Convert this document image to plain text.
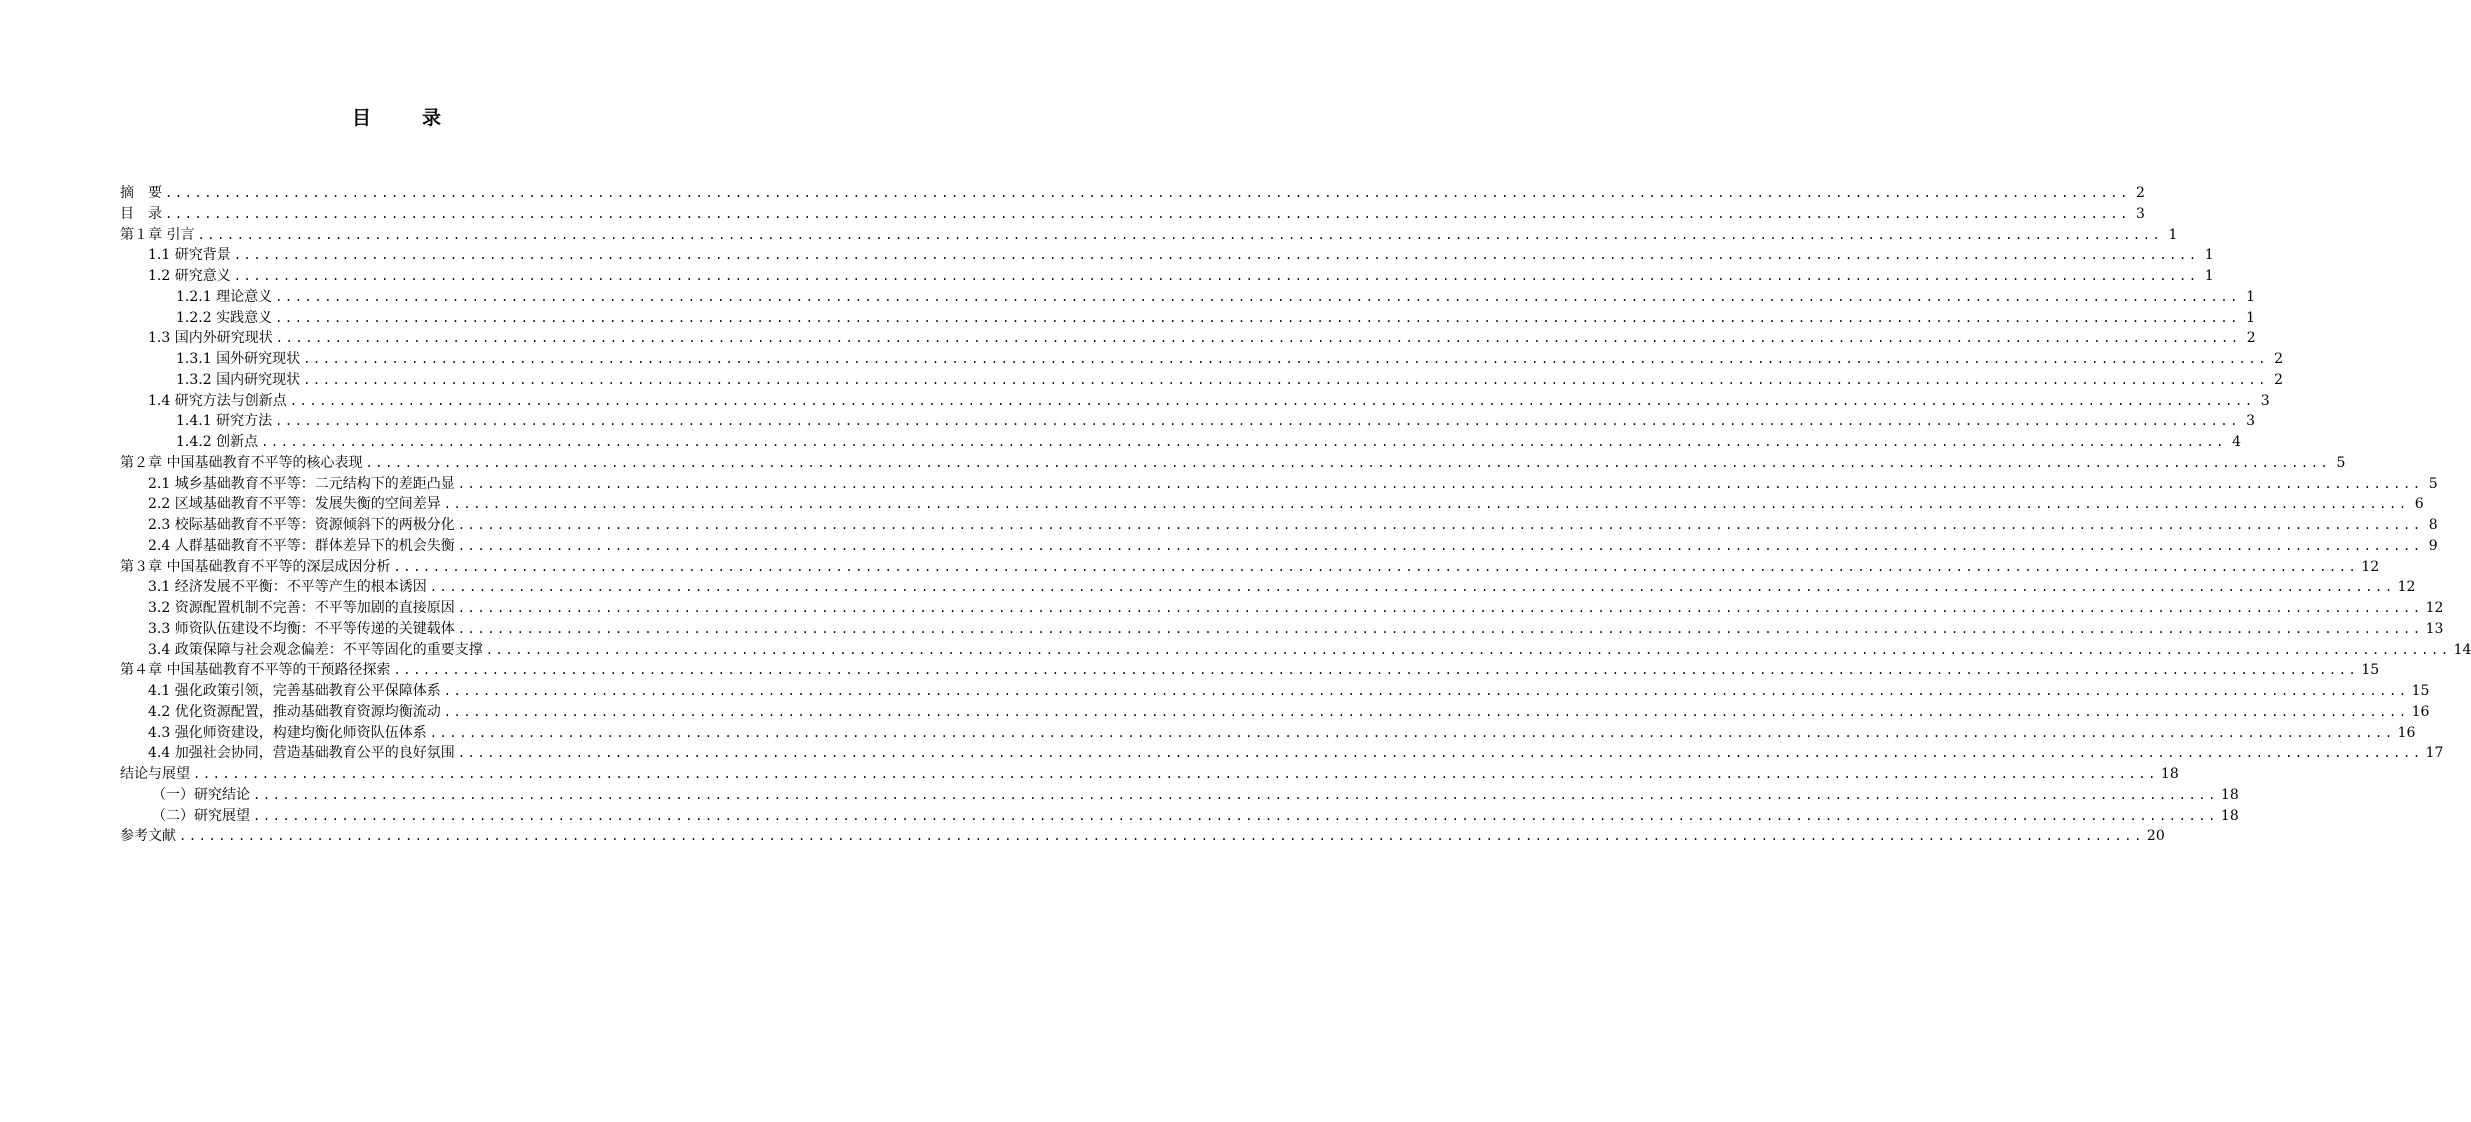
目　录
摘　要 ........................................................................................................................................................................................................ 2
目　录 ........................................................................................................................................................................................................ 3
第１章 引言 ........................................................................................................................................................................................................ 1
1.1 研究背景 ........................................................................................................................................................................................................ 1
1.2 研究意义 ........................................................................................................................................................................................................ 1
1.2.1 理论意义 ........................................................................................................................................................................................................ 1
1.2.2 实践意义 ........................................................................................................................................................................................................ 1
1.3 国内外研究现状 ........................................................................................................................................................................................................ 2
1.3.1 国外研究现状 ........................................................................................................................................................................................................ 2
1.3.2 国内研究现状 ........................................................................................................................................................................................................ 2
1.4 研究方法与创新点 ........................................................................................................................................................................................................ 3
1.4.1 研究方法 ........................................................................................................................................................................................................ 3
1.4.2 创新点 ........................................................................................................................................................................................................ 4
第２章 中国基础教育不平等的核心表现 ........................................................................................................................................................................................................ 5
2.1 城乡基础教育不平等：二元结构下的差距凸显 ........................................................................................................................................................................................................ 5
2.2 区域基础教育不平等：发展失衡的空间差异 ........................................................................................................................................................................................................ 6
2.3 校际基础教育不平等：资源倾斜下的两极分化 ........................................................................................................................................................................................................ 8
2.4 人群基础教育不平等：群体差异下的机会失衡 ........................................................................................................................................................................................................ 9
第３章 中国基础教育不平等的深层成因分析 ........................................................................................................................................................................................................ 12
3.1 经济发展不平衡：不平等产生的根本诱因 ........................................................................................................................................................................................................ 12
3.2 资源配置机制不完善：不平等加剧的直接原因 ........................................................................................................................................................................................................ 12
3.3 师资队伍建设不均衡：不平等传递的关键载体 ........................................................................................................................................................................................................ 13
3.4 政策保障与社会观念偏差：不平等固化的重要支撑 ........................................................................................................................................................................................................ 14
第４章 中国基础教育不平等的干预路径探索 ........................................................................................................................................................................................................ 15
4.1 强化政策引领，完善基础教育公平保障体系 ........................................................................................................................................................................................................ 15
4.2 优化资源配置，推动基础教育资源均衡流动 ........................................................................................................................................................................................................ 16
4.3 强化师资建设，构建均衡化师资队伍体系 ........................................................................................................................................................................................................ 16
4.4 加强社会协同，营造基础教育公平的良好氛围 ........................................................................................................................................................................................................ 17
结论与展望 ........................................................................................................................................................................................................ 18
（一）研究结论 ........................................................................................................................................................................................................ 18
（二）研究展望 ........................................................................................................................................................................................................ 18
参考文献 ........................................................................................................................................................................................................ 20
